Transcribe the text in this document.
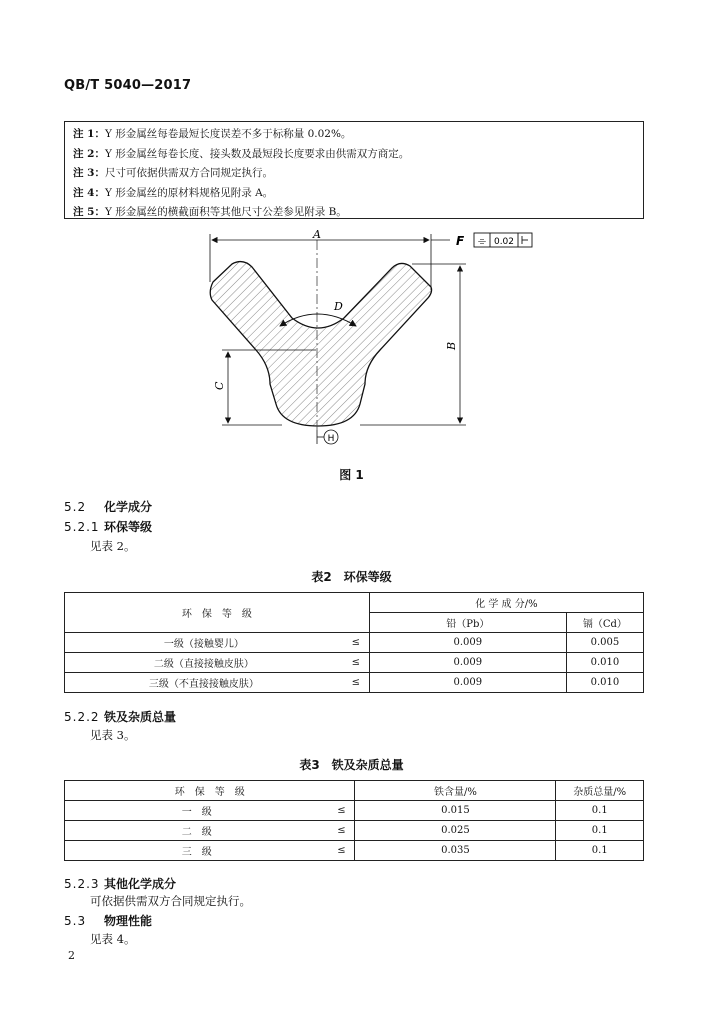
QB/T 5040—2017
注 1：Y 形金属丝每卷最短长度误差不多于标称量 0.02%。
注 2：Y 形金属丝每卷长度、接头数及最短段长度要求由供需双方商定。
注 3：尺寸可依据供需双方合同规定执行。
注 4：Y 形金属丝的原材料规格见附录 A。
注 5：Y 形金属丝的横截面积等其他尺寸公差参见附录 B。
A	F ⌯ 0.02
B
C
D
H
图 1
5.2 化学成分
5.2.1 环保等级
见表 2。
表2　环保等级
环　保　等　级		化 学 成 分/%	
		铅（Pb）	镉（Cd）
一级（接触婴儿）	≤	0.009	0.005
二级（直接接触皮肤）	≤	0.009	0.010
三级（不直接接触皮肤）	≤	0.009	0.010
5.2.2 铁及杂质总量
见表 3。
表3　铁及杂质总量
环　保　等　级		铁含量/%	杂质总量/%
一　级	≤	0.015	0.1
二　级	≤	0.025	0.1
三　级	≤	0.035	0.1
5.2.3 其他化学成分
可依据供需双方合同规定执行。
5.3 物理性能
见表 4。
2
